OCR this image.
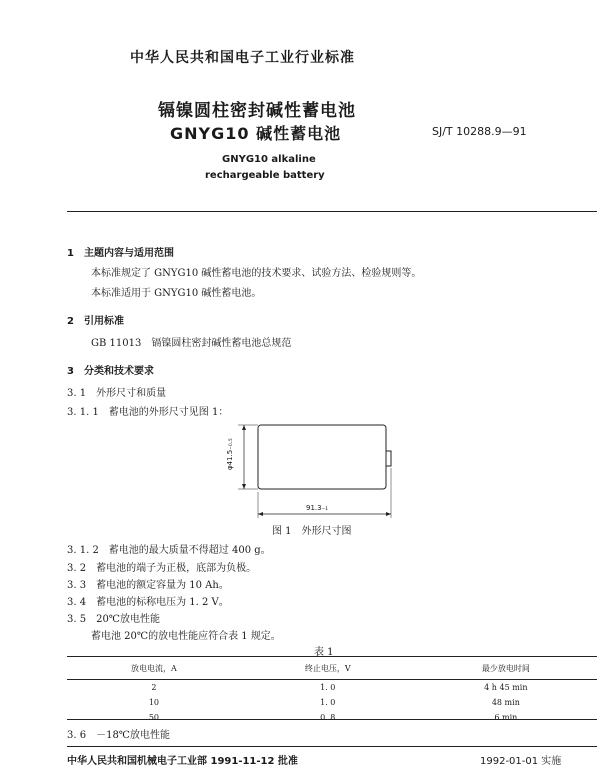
中华人民共和国电子工业行业标准
镉镍圆柱密封碱性蓄电池
GNYG10 碱性蓄电池	SJ/T 10288.9—91
GNYG10 alkaline
rechargeable battery
1　主题内容与适用范围
本标准规定了 GNYG10 碱性蓄电池的技术要求、试验方法、检验规则等。
本标准适用于 GNYG10 碱性蓄电池。
2　引用标准
GB 11013　镉镍圆柱密封碱性蓄电池总规范
3　分类和技术要求
3. 1　外形尺寸和质量
3. 1. 1　蓄电池的外形尺寸见图 1：
φ41.5₋₀.₅
91.3₋₁
图 1　外形尺寸图
3. 1. 2　蓄电池的最大质量不得超过 400 g。
3. 2　蓄电池的端子为正极，底部为负极。
3. 3　蓄电池的额定容量为 10 Ah。
3. 4　蓄电池的标称电压为 1. 2 V。
3. 5　20℃放电性能
蓄电池 20℃的放电性能应符合表 1 规定。
表 1
放电电流，A	终止电压，V	最少放电时间
2	1. 0	4 h 45 min
10	1. 0	48 min
50	0. 8	6 min
3. 6　－18℃放电性能
中华人民共和国机械电子工业部 1991-11-12 批准	1992-01-01 实施
